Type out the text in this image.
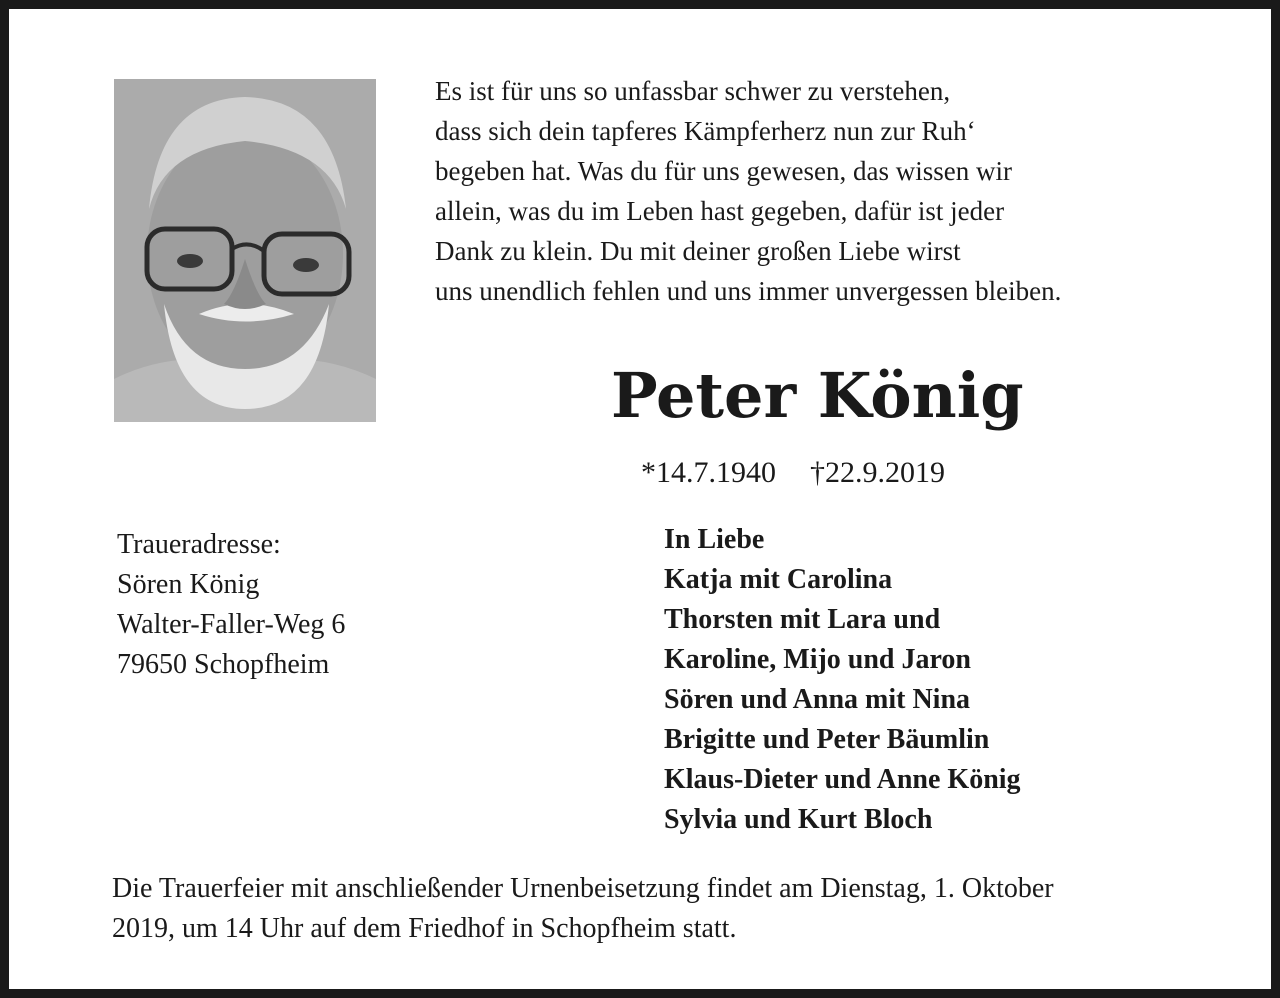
Es ist für uns so unfassbar schwer zu verstehen,
dass sich dein tapferes Kämpferherz nun zur Ruh‘
begeben hat. Was du für uns gewesen, das wissen wir
allein, was du im Leben hast gegeben, dafür ist jeder
Dank zu klein. Du mit deiner großen Liebe wirst
uns unendlich fehlen und uns immer unvergessen bleiben.
Peter König
*14.7.1940 †22.9.2019
Traueradresse:
Sören König
Walter-Faller-Weg 6
79650 Schopfheim
In Liebe
Katja mit Carolina
Thorsten mit Lara und
Karoline, Mijo und Jaron
Sören und Anna mit Nina
Brigitte und Peter Bäumlin
Klaus-Dieter und Anne König
Sylvia und Kurt Bloch
Die Trauerfeier mit anschließender Urnenbeisetzung findet am Dienstag, 1. Oktober
2019, um 14 Uhr auf dem Friedhof in Schopfheim statt.
